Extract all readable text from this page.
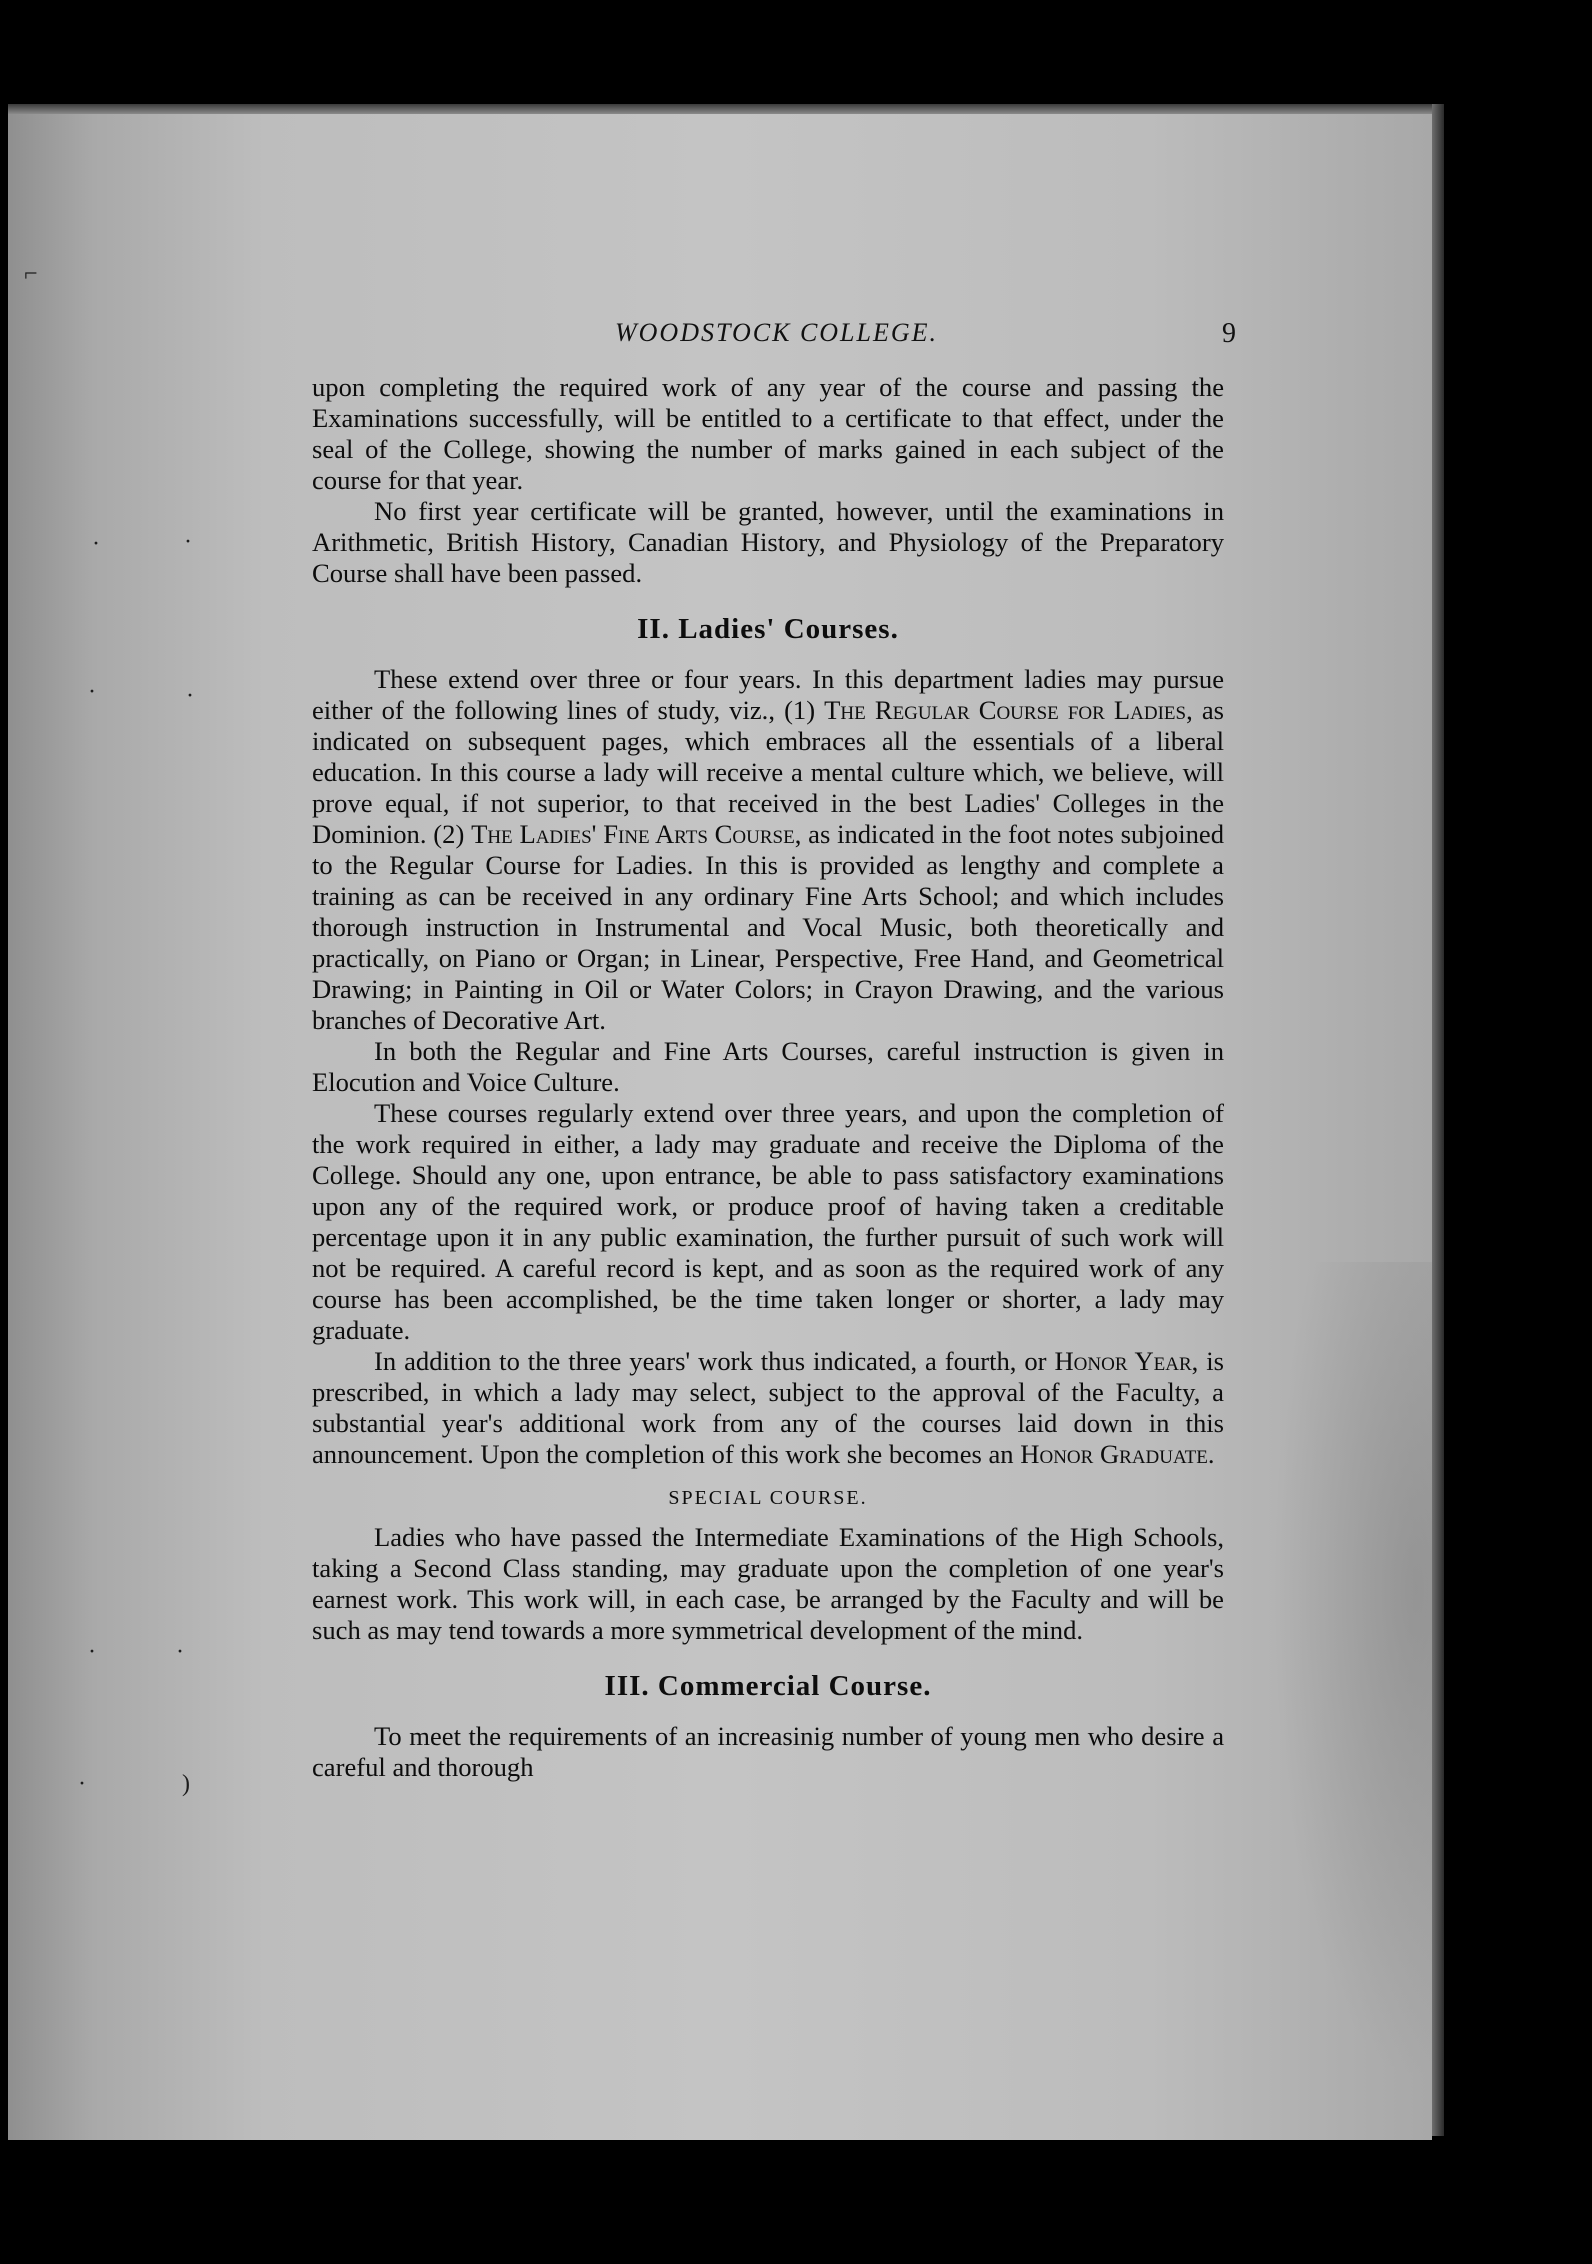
⌐
·	·
·	·
·	·
·	)
WOODSTOCK COLLEGE.	9

upon completing the required work of any year of the course and passing the Examinations successfully, will be entitled to a certificate to that effect, under the seal of the College, showing the number of marks gained in each subject of the course for that year.

No first year certificate will be granted, however, until the examinations in Arithmetic, British History, Canadian History, and Physiology of the Preparatory Course shall have been passed.

II. Ladies' Courses.

These extend over three or four years. In this department ladies may pursue either of the following lines of study, viz., (1) The Regular Course for Ladies, as indicated on subsequent pages, which embraces all the essentials of a liberal education. In this course a lady will receive a mental culture which, we believe, will prove equal, if not superior, to that received in the best Ladies' Colleges in the Dominion. (2) The Ladies' Fine Arts Course, as indicated in the foot notes subjoined to the Regular Course for Ladies. In this is provided as lengthy and complete a training as can be received in any ordinary Fine Arts School; and which includes thorough instruction in Instrumental and Vocal Music, both theoretically and practically, on Piano or Organ; in Linear, Perspective, Free Hand, and Geometrical Drawing; in Painting in Oil or Water Colors; in Crayon Drawing, and the various branches of Decorative Art.

In both the Regular and Fine Arts Courses, careful instruction is given in Elocution and Voice Culture.

These courses regularly extend over three years, and upon the completion of the work required in either, a lady may graduate and receive the Diploma of the College. Should any one, upon entrance, be able to pass satisfactory examinations upon any of the required work, or produce proof of having taken a creditable percentage upon it in any public examination, the further pursuit of such work will not be required. A careful record is kept, and as soon as the required work of any course has been accomplished, be the time taken longer or shorter, a lady may graduate.

In addition to the three years' work thus indicated, a fourth, or Honor Year, is prescribed, in which a lady may select, subject to the approval of the Faculty, a substantial year's additional work from any of the courses laid down in this announcement. Upon the completion of this work she becomes an Honor Graduate.

SPECIAL COURSE.

Ladies who have passed the Intermediate Examinations of the High Schools, taking a Second Class standing, may graduate upon the completion of one year's earnest work. This work will, in each case, be arranged by the Faculty and will be such as may tend towards a more symmetrical development of the mind.

III. Commercial Course.

To meet the requirements of an increasinig number of young men who desire a careful and thorough
